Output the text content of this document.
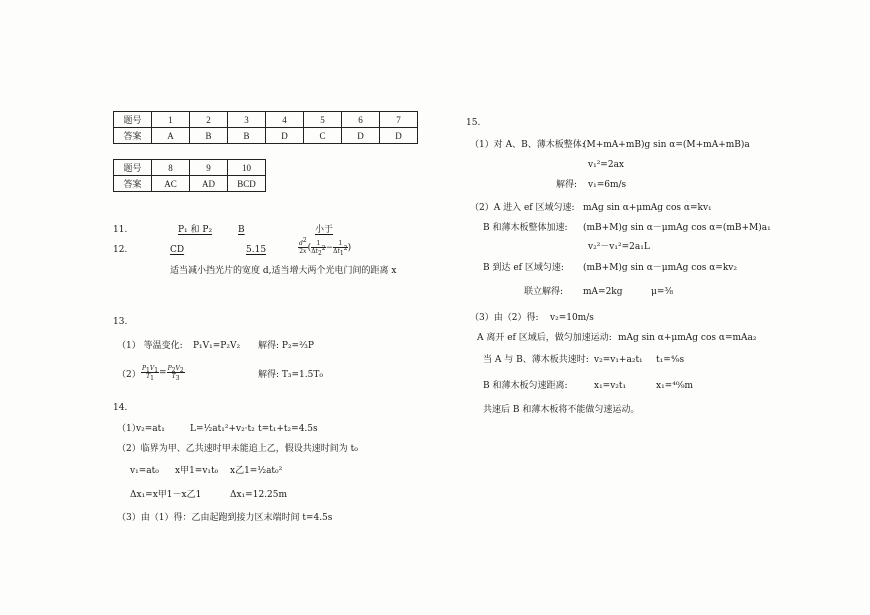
题号	1	2	3	4	5	6	7
答案	A	B	B	D	C	D	D
题号	8	9	10
答案	AC	AD	BCD
11.	P₁ 和 P₂	B	小于
12.	CD	5.15	$\frac{d^2}{2x}$ ( $\frac{1}{\Delta t_2^2} - \frac{1}{\Delta t_1^2}$ )
适当减小挡光片的宽度 d,适当增大两个光电门间的距离 x
13.
（1） 等温变化: P₁V₁=P₂V₂ 解得: P₂=²⁄₃P
$(2) \frac{P_1V_1}{T_1} = \frac{P_2V_2}{T_3}$	解得: T₃=1.5T₀
14.
（1）
v₂=at₁	L=½at₁²+v₂·t₂ t=t₁+t₂=4.5s
（2）临界为甲、乙共速时甲未能追上乙，假设共速时间为 t₀
v₁=at₀ x甲1=v₁t₀ x乙1=½at₀²
Δx₁=x甲1－x乙1	Δx₁=12.25m
（3）由（1）得：乙由起跑到接力区末端时间 t=4.5s
15.
（1）对 A、B、薄木板整体:
(M+mA+mB)g sin α=(M+mA+mB)a
v₁²=2ax
解得: v₁=6m/s
（2）A 进入 ef 区域匀速: mAg sin α+μmAg cos α=kv₁
B 和薄木板整体加速: (mB+M)g sin α－μmAg cos α=(mB+M)a₁
v₂²－v₁²=2a₁L
B 到达 ef 区域匀速: (mB+M)g sin α－μmAg cos α=kv₂
联立解得: mA=2kg	μ=⅜
（3）由（2）得: v₂=10m/s
A 离开 ef 区域后，做匀加速运动: mAg sin α+μmAg cos α=mAa₂
当 A 与 B、薄木板共速时: v₂=v₁+a₂t₁ t₁=⁴⁄₉s
B 和薄木板匀速距离:	x₁=v₂t₁	x₁=⁴⁰⁄₉m
共速后 B 和薄木板将不能做匀速运动。
